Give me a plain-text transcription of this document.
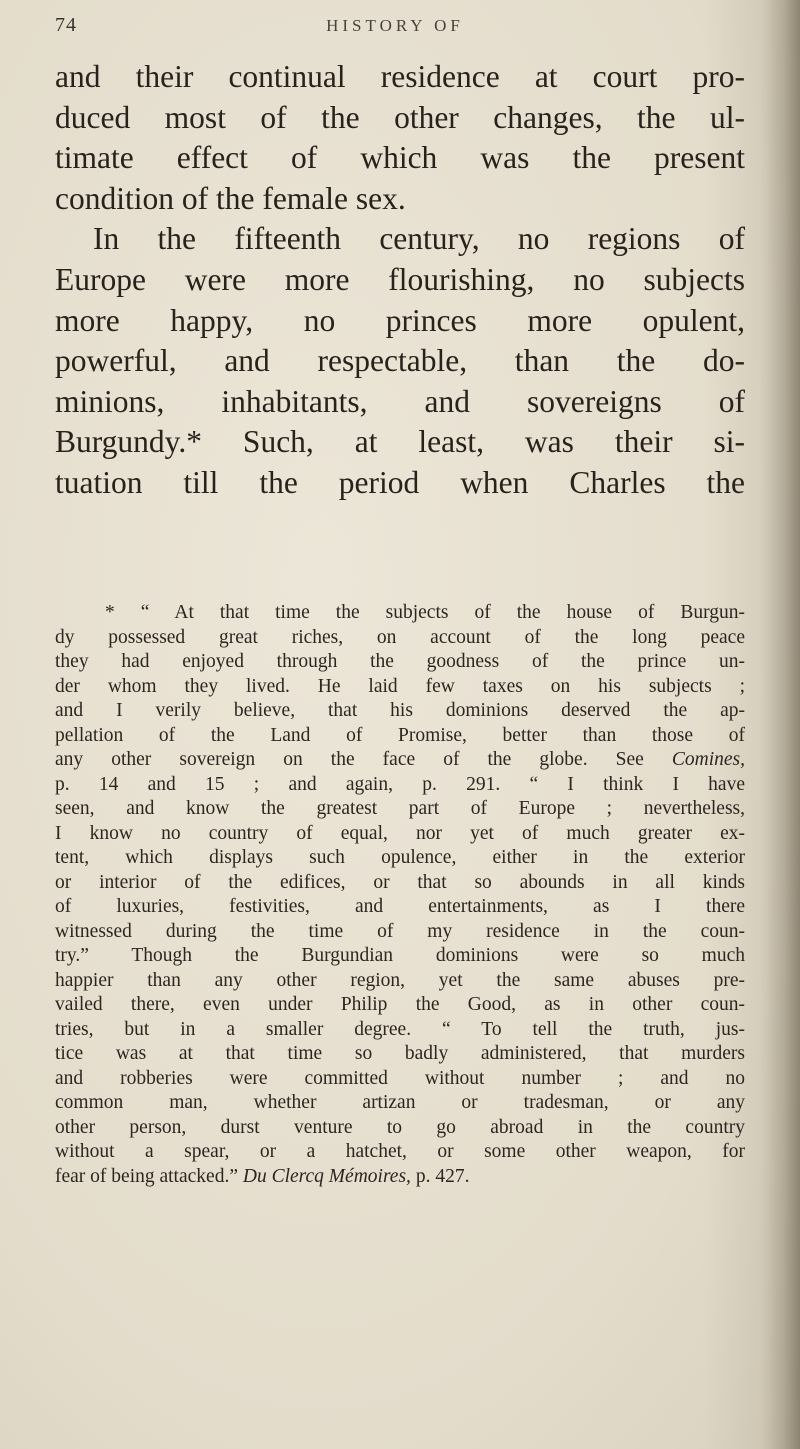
74	HISTORY OF
and their continual residence at court pro-
duced most of the other changes, the ul-
timate effect of which was the present
condition of the female sex.
In the fifteenth century, no regions of
Europe were more flourishing, no subjects
more happy, no princes more opulent,
powerful, and respectable, than the do-
minions, inhabitants, and sovereigns of
Burgundy.* Such, at least, was their si-
tuation till the period when Charles the
* “ At that time the subjects of the house of Burgun-
dy possessed great riches, on account of the long peace
they had enjoyed through the goodness of the prince un-
der whom they lived. He laid few taxes on his subjects ;
and I verily believe, that his dominions deserved the ap-
pellation of the Land of Promise, better than those of
any other sovereign on the face of the globe. See Comines,
p. 14 and 15 ; and again, p. 291. “ I think I have
seen, and know the greatest part of Europe ; nevertheless,
I know no country of equal, nor yet of much greater ex-
tent, which displays such opulence, either in the exterior
or interior of the edifices, or that so abounds in all kinds
of luxuries, festivities, and entertainments, as I there
witnessed during the time of my residence in the coun-
try.” Though the Burgundian dominions were so much
happier than any other region, yet the same abuses pre-
vailed there, even under Philip the Good, as in other coun-
tries, but in a smaller degree. “ To tell the truth, jus-
tice was at that time so badly administered, that murders
and robberies were committed without number ; and no
common man, whether artizan or tradesman, or any
other person, durst venture to go abroad in the country
without a spear, or a hatchet, or some other weapon, for
fear of being attacked.” Du Clercq Mémoires, p. 427.
